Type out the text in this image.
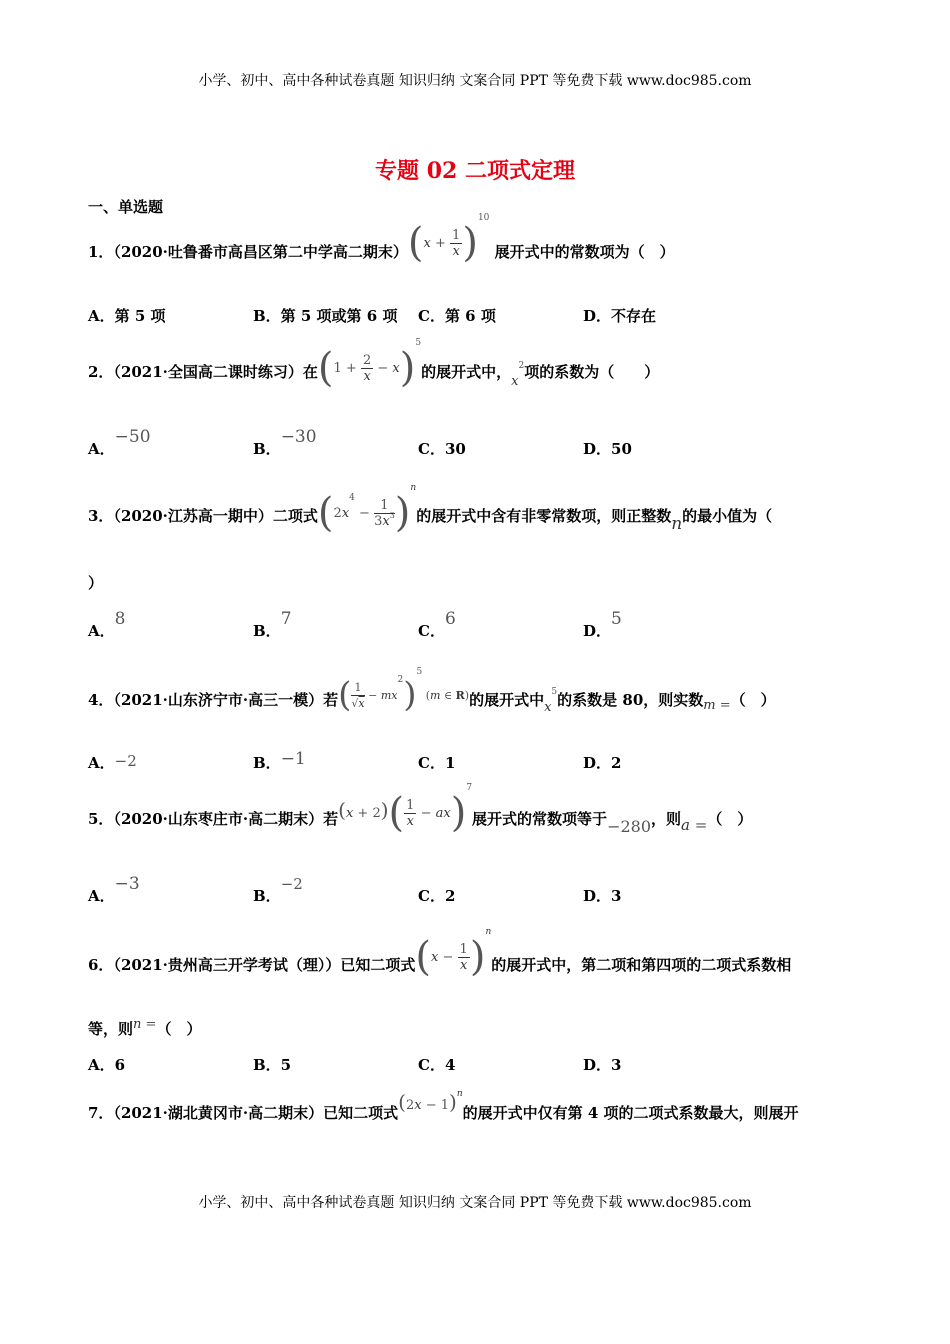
小学、初中、高中各种试卷真题 知识归纳 文案合同 PPT 等免费下载 www.doc985.com
小学、初中、高中各种试卷真题 知识归纳 文案合同 PPT 等免费下载 www.doc985.com
专题 02 二项式定理
一、单选题
1．（2020·吐鲁番市高昌区第二中学高二期末）$(x + \frac{1}{x} )^{10}$ 展开式中的常数项为（　）
A．第 5 项	B．第 5 项或第 6 项 C．第 6 项	D．不存在
2．（2021·全国高二课时练习）在$(1 + \frac{2}{x} - x)^5$的展开式中，$x^2$项的系数为（　　）
A．−50
B．−30
C．30	D．50
3．（2020·江苏高一期中）二项式$(2x^4 - \frac{1}{3x^3} )^n$的展开式中含有非零常数项，则正整数n的最小值为（
）
A．8
B．7
C．6
D．5
4．（2021·山东济宁市·高三一模）若( $\frac{1}{√x} - mx^2)^5$ (m ∈ R)的展开式中$x^5$的系数是 80，则实数m =（　）
A．−2	B．−1	C．1	D．2
5．（2020·山东枣庄市·高二期末）若$(x + 2)( \frac{1}{x} - ax)^7$展开式的常数项等于−280，则a =（　）
A．−3
B．−2
C．2	D．3
6．（2021·贵州高三开学考试（理））已知二项式$(x - \frac{1}{x} )^n$的展开式中，第二项和第四项的二项式系数相
等，则n =（　）
A．6	B．5	C．4	D．3
7．（2021·湖北黄冈市·高二期末）已知二项式$(2x - 1)^n$的展开式中仅有第 4 项的二项式系数最大，则展开
